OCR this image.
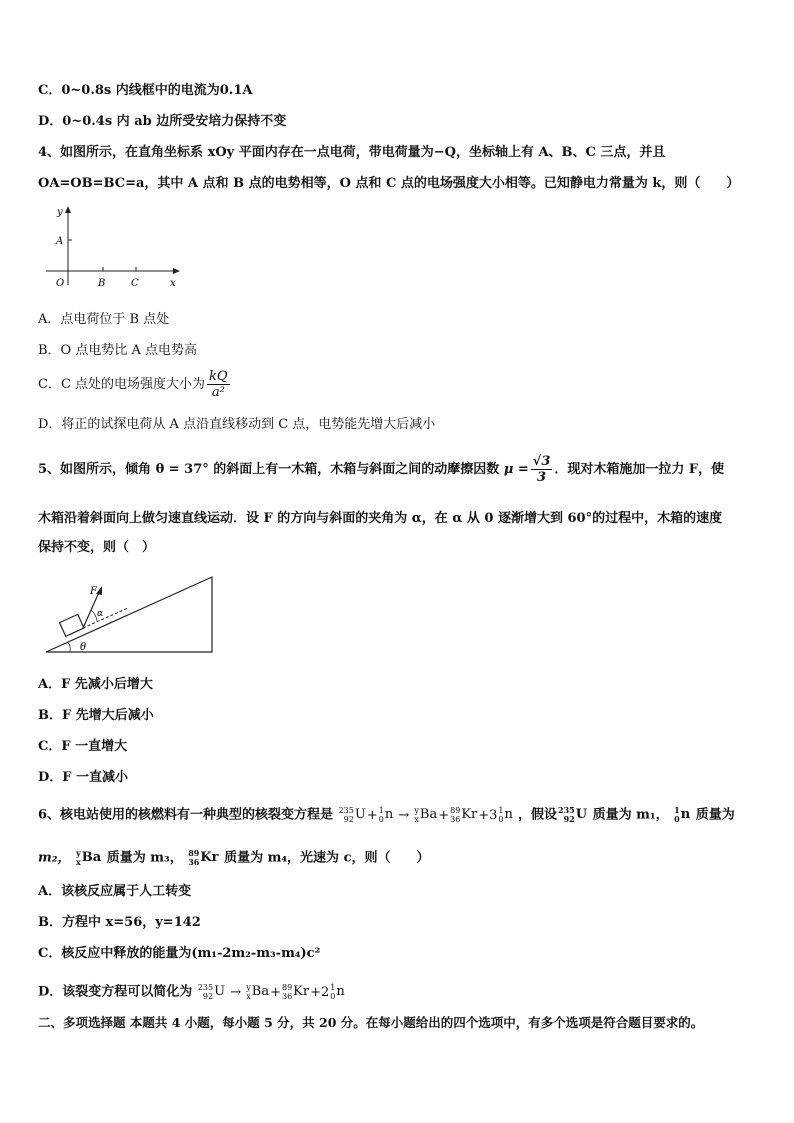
C．0~0.8s 内线框中的电流为0.1A
D．0~0.4s 内 ab 边所受安培力保持不变
4、如图所示，在直角坐标系 xOy 平面内存在一点电荷，带电荷量为−Q，坐标轴上有 A、B、C 三点，并且
OA=OB=BC=a，其中 A 点和 B 点的电势相等，O 点和 C 点的电场强度大小相等。已知静电力常量为 k，则（　　）
y
A
O	B	C	x
A．点电荷位于 B 点处
B．O 点电势比 A 点电势高
C．C 点处的电场强度大小为 $\frac{kQ}{\text{a²}}$
D．将正的试探电荷从 A 点沿直线移动到 C 点，电势能先增大后减小
5、如图所示，倾角 θ = 37° 的斜面上有一木箱，木箱与斜面之间的动摩擦因数 $\mu = \frac{√3}{3}$ ．现对木箱施加一拉力 F，使
木箱沿着斜面向上做匀速直线运动．设 F 的方向与斜面的夹角为 α，在 α 从 0 逐渐增大到 60°的过程中，木箱的速度
保持不变，则（　）
F
α
θ
A．F 先减小后增大
B．F 先增大后减小
C．F 一直增大
D．F 一直减小
6、核电站使用的核燃料有一种典型的核裂变方程是 235
92 U + 1
0 n → y
x Ba + 89
36 Kr +3 1
0 n ，假设 235
92 U 质量为 m₁， 1
0 n 质量为
m₂， y
x Ba 质量为 m₃， 89
36 Kr 质量为 m₄，光速为 c，则（　　）
A．该核反应属于人工转变
B．方程中 x=56，y=142
C．核反应中释放的能量为(m₁-2m₂-m₃-m₄)c²
D．该裂变方程可以简化为 235
92 U → y
x Ba + 89
36 Kr +2 1
0 n
二、多项选择题 本题共 4 小题，每小题 5 分，共 20 分。在每小题给出的四个选项中，有多个选项是符合题目要求的。
